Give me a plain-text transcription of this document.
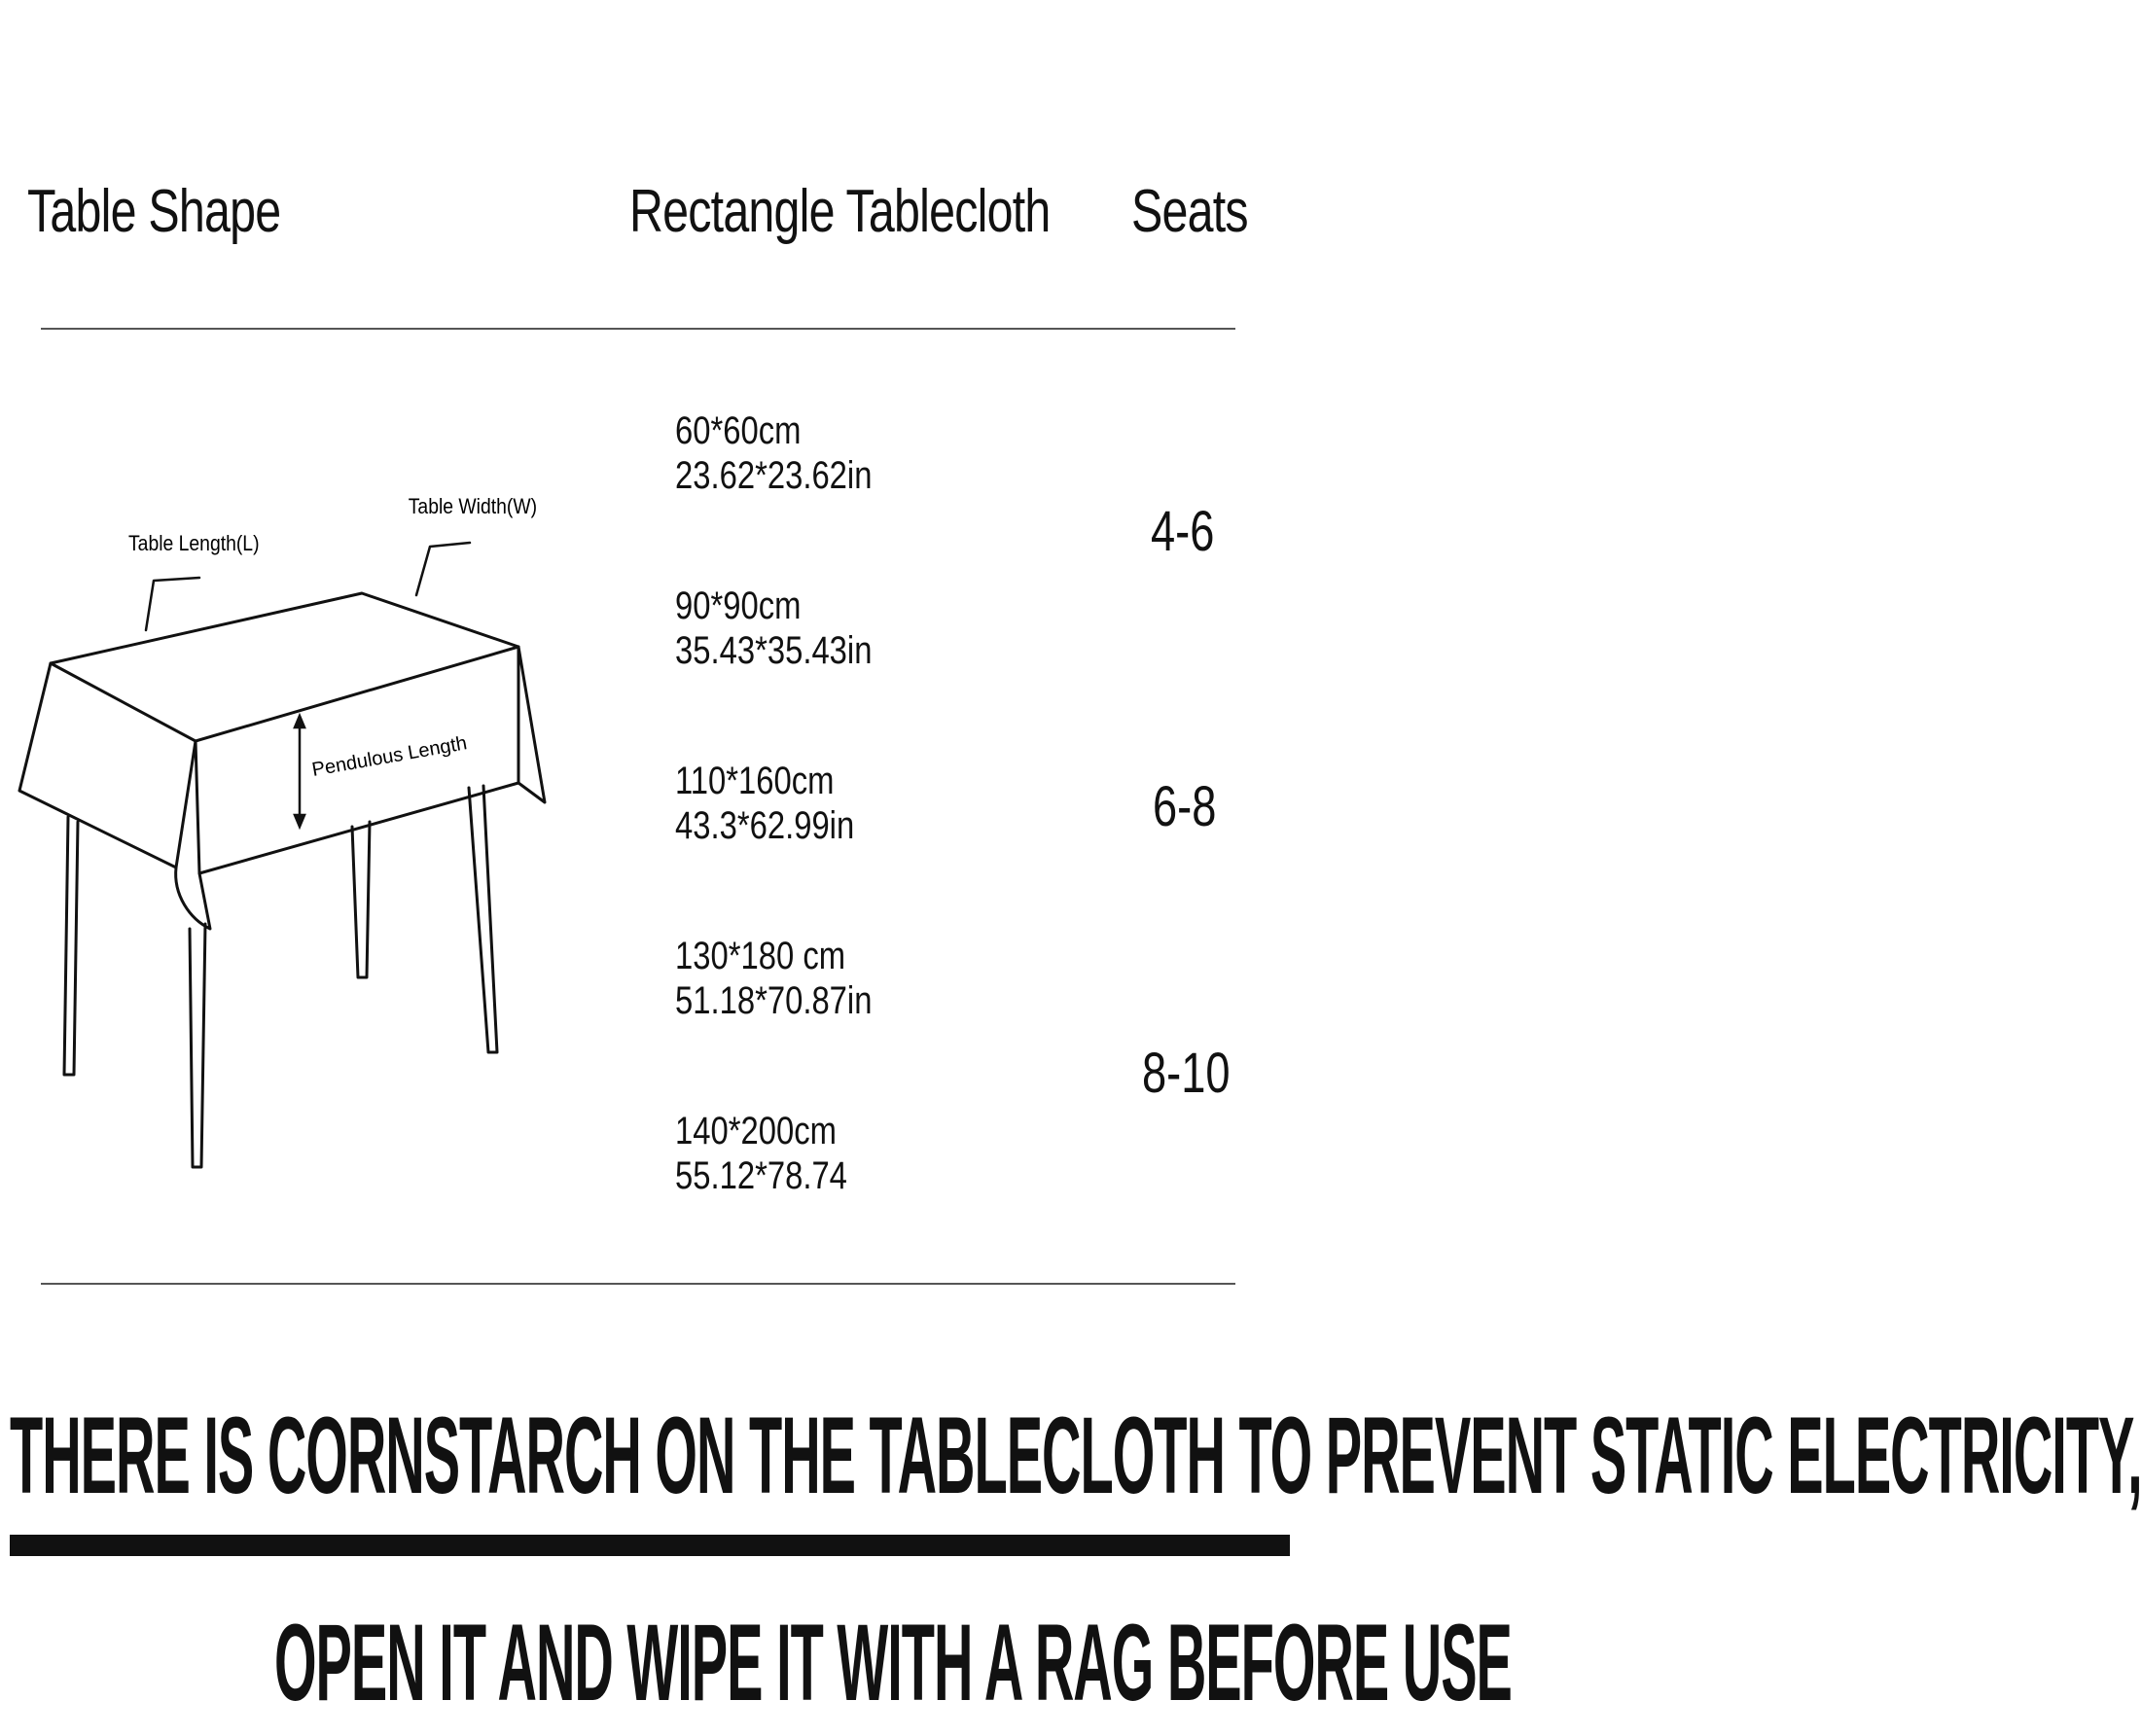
Table Shape	Rectangle Tablecloth Seats
Table Length(L)
Table Width(W)
Pendulous Length
60*60cm
23.62*23.62in
90*90cm
35.43*35.43in
110*160cm
43.3*62.99in
130*180 cm
51.18*70.87in
140*200cm
55.12*78.74
4-6
6-8
8-10
THERE IS CORNSTARCH ON THE TABLECLOTH TO PREVENT STATIC ELECTRICITY,
OPEN IT AND WIPE IT WITH A RAG BEFORE USE
